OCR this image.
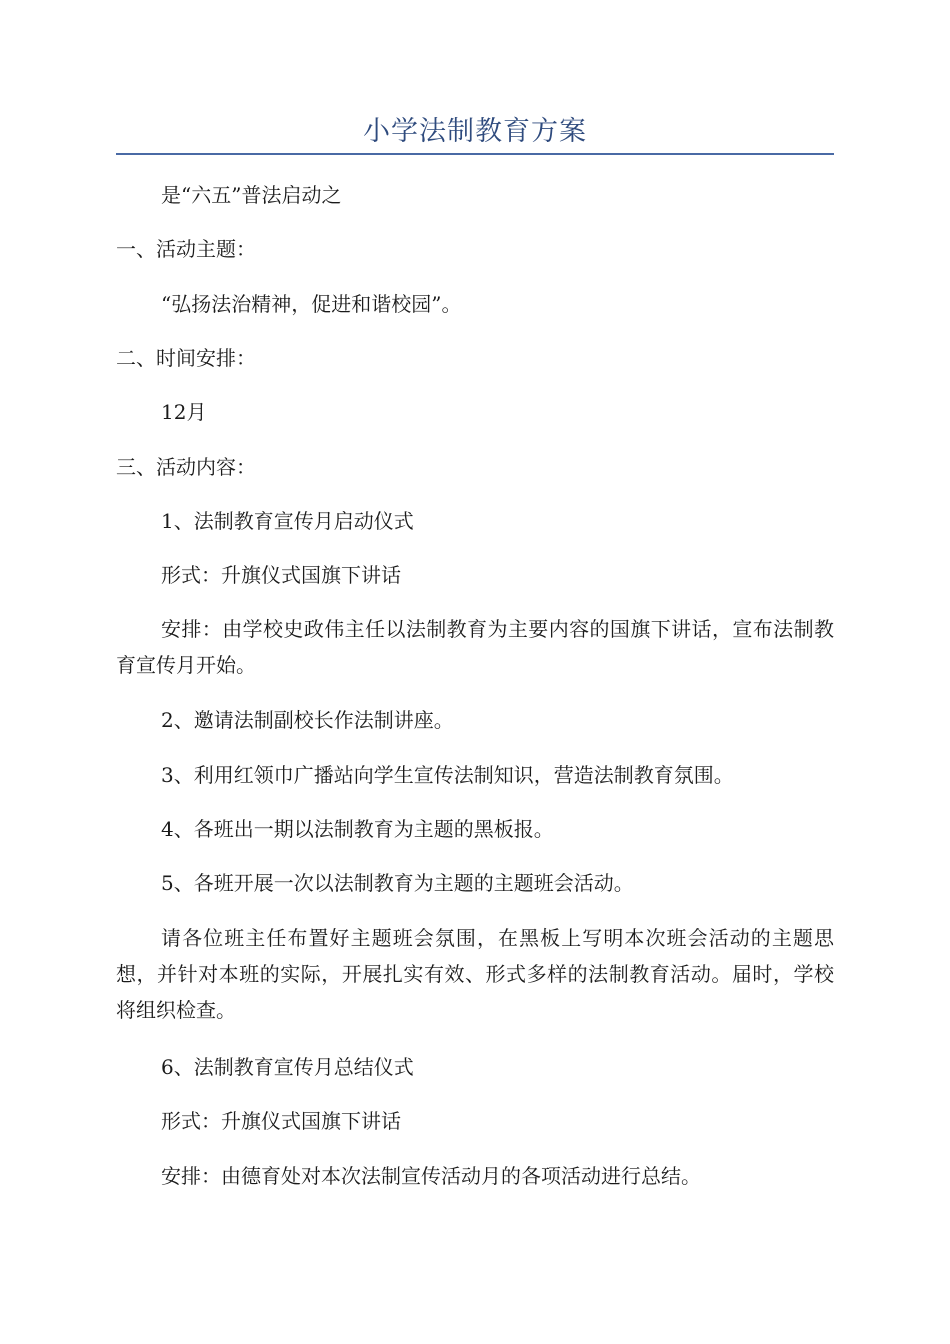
小学法制教育方案

是“六五”普法启动之

一、活动主题：

“弘扬法治精神，促进和谐校园”。

二、时间安排：

12月

三、活动内容：

1、法制教育宣传月启动仪式

形式：升旗仪式国旗下讲话

安排：由学校史政伟主任以法制教育为主要内容的国旗下讲话，宣布法制教育宣传月开始。

2、邀请法制副校长作法制讲座。

3、利用红领巾广播站向学生宣传法制知识，营造法制教育氛围。

4、各班出一期以法制教育为主题的黑板报。

5、各班开展一次以法制教育为主题的主题班会活动。

请各位班主任布置好主题班会氛围，在黑板上写明本次班会活动的主题思想，并针对本班的实际，开展扎实有效、形式多样的法制教育活动。届时，学校将组织检查。

6、法制教育宣传月总结仪式

形式：升旗仪式国旗下讲话

安排：由德育处对本次法制宣传活动月的各项活动进行总结。
